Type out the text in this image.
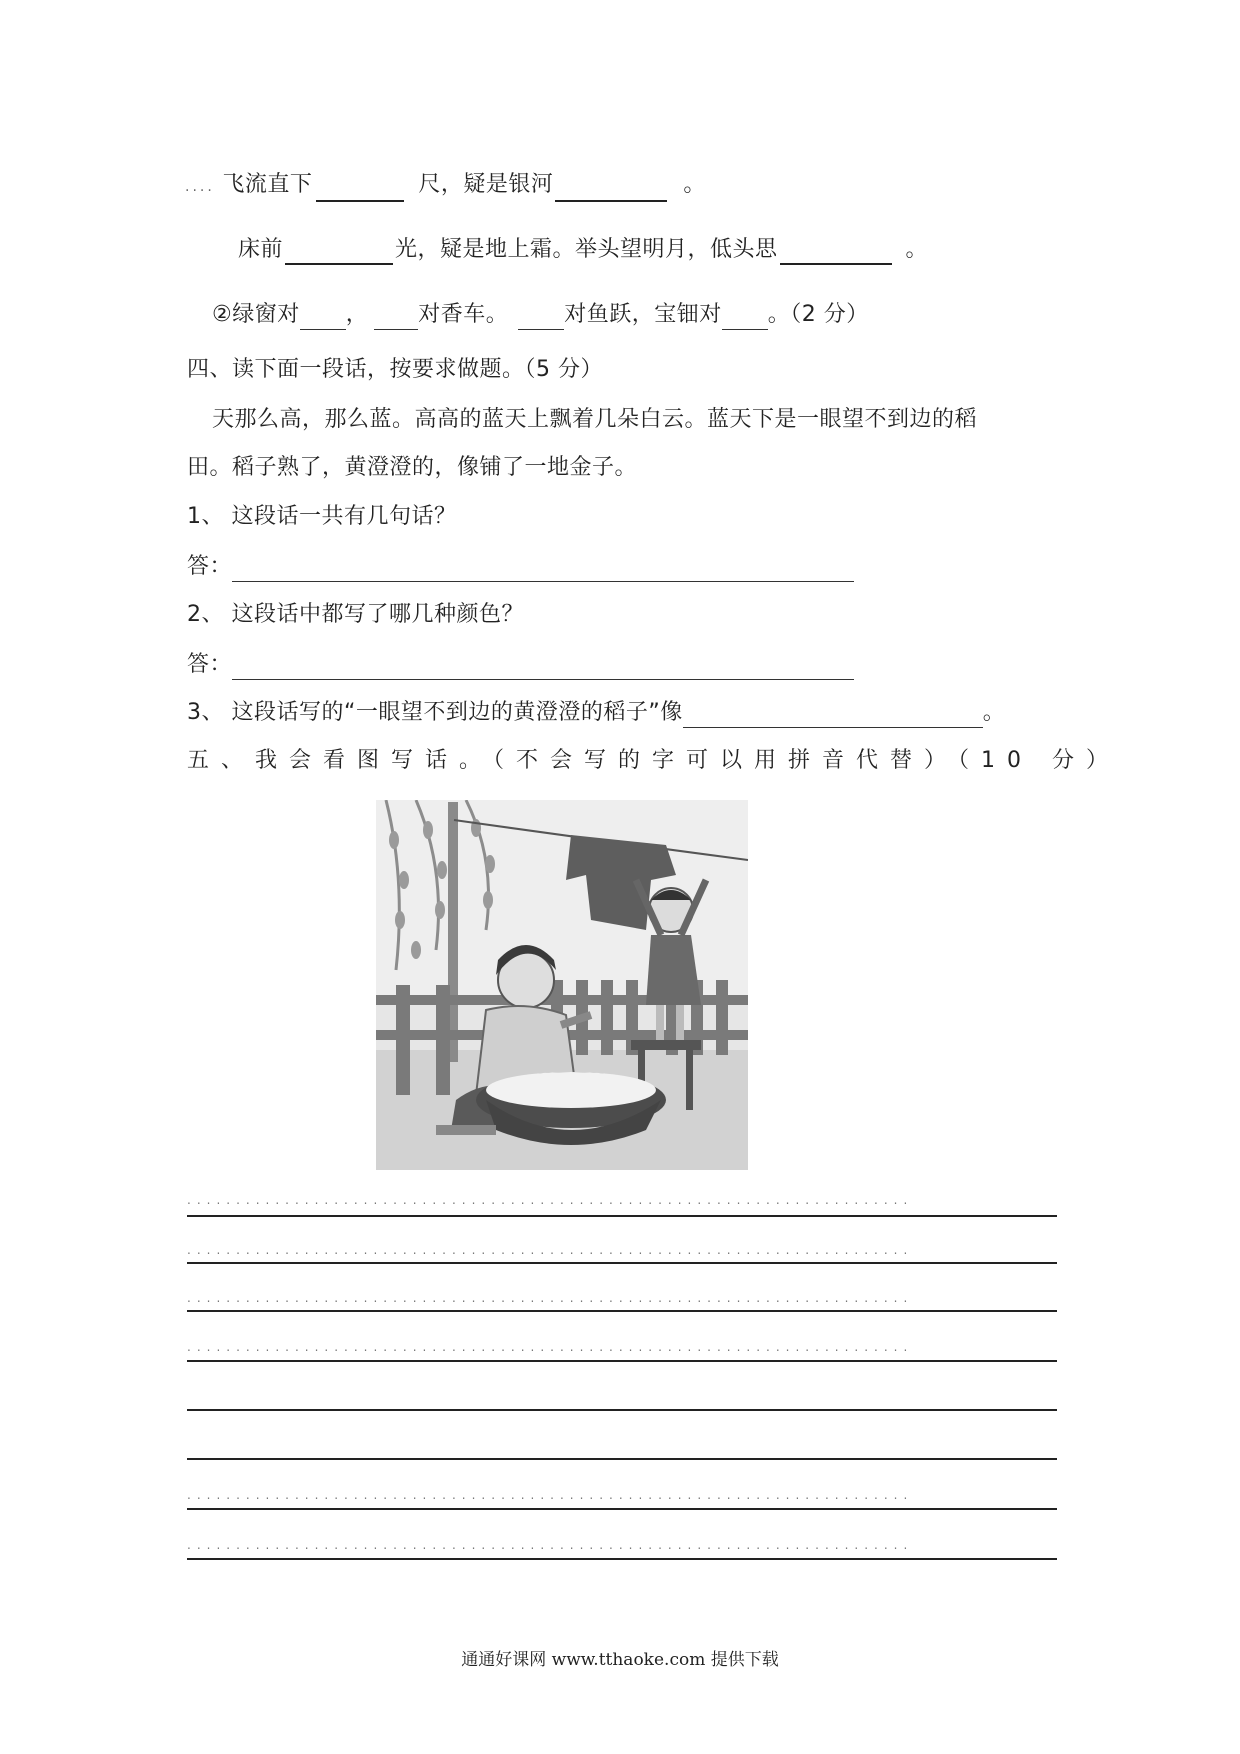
.... 飞流直下	尺，疑是银河	。
床前	光，疑是地上霜。举头望明月，低头思	。
②绿窗对 ， 对香车。	对鱼跃，宝钿对 。（2 分）
四、读下面一段话，按要求做题。（5 分）
天那么高，那么蓝。高高的蓝天上飘着几朵白云。蓝天下是一眼望不到边的稻
田。稻子熟了，黄澄澄的，像铺了一地金子。
1、 这段话一共有几句话？
答：
2、 这段话中都写了哪几种颜色？
答：
3、 这段话写的“一眼望不到边的黄澄澄的稻子”像	。
五、我会看图写话。（不会写的字可以用拼音代替）（10 分）
..........................................................................
..........................................................................
..........................................................................
..........................................................................
..........................................................................
..........................................................................
通通好课网 www.tthaoke.com 提供下载
